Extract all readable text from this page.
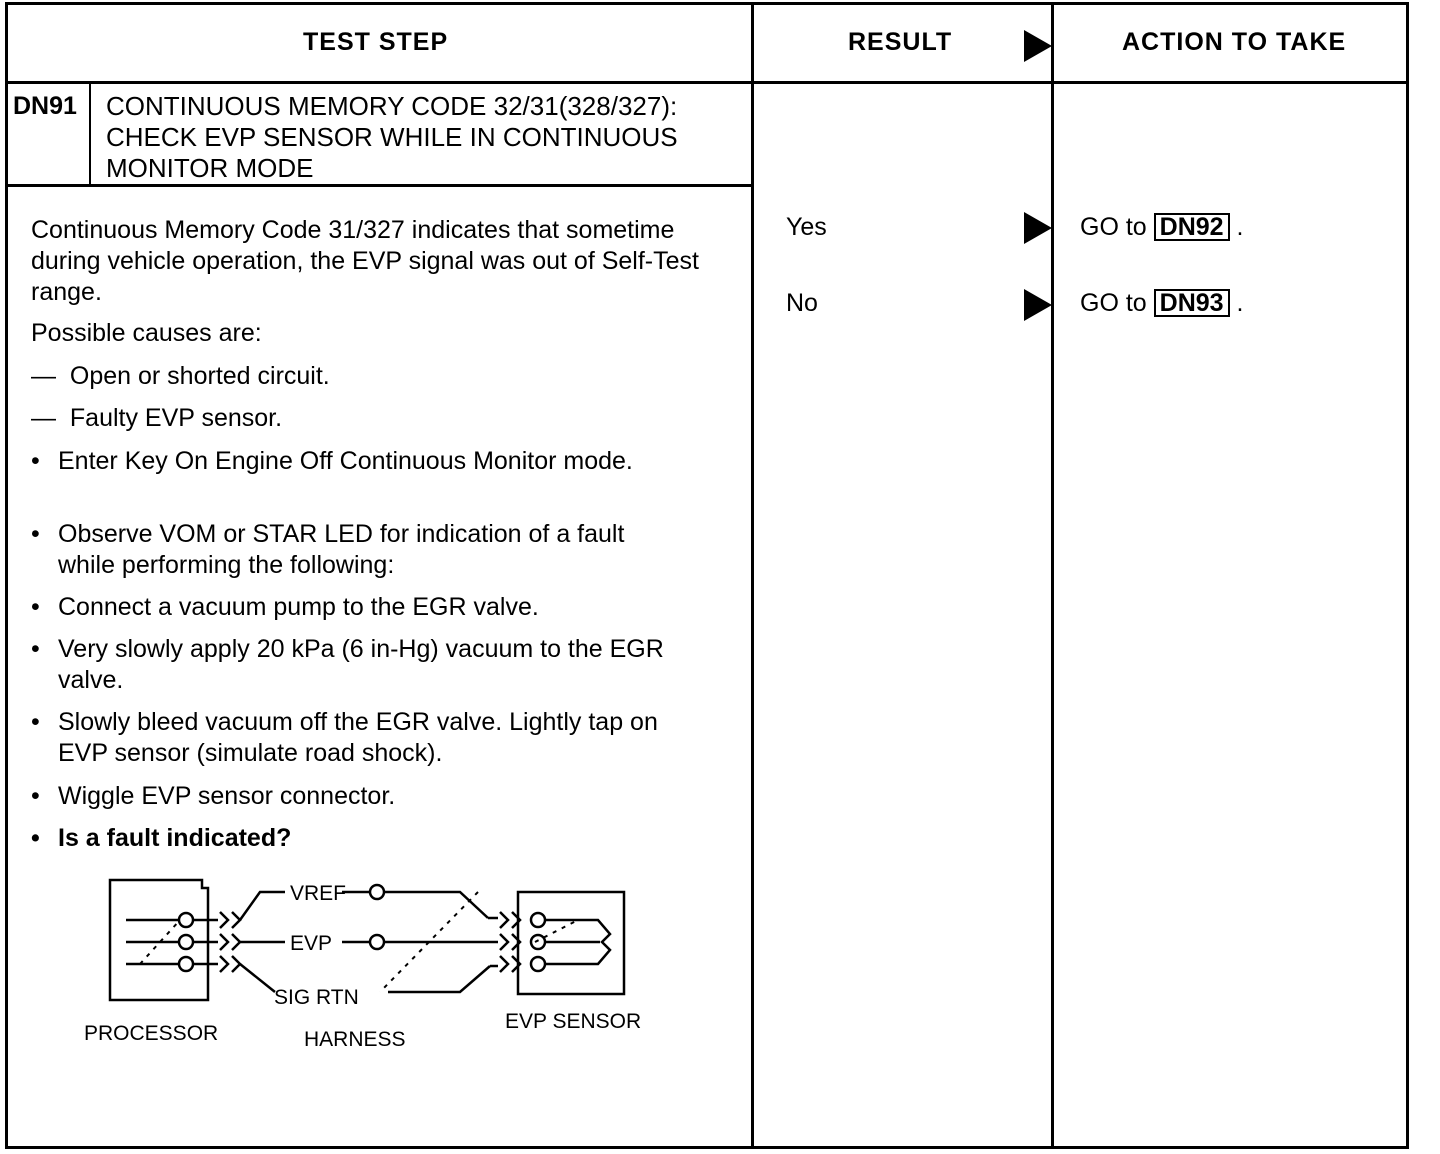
TEST STEP	RESULT	ACTION TO TAKE
DN91 CONTINUOUS MEMORY CODE 32/31(328/327): CHECK EVP SENSOR WHILE IN CONTINUOUS MONITOR MODE
Continuous Memory Code 31/327 indicates that sometime during vehicle operation, the EVP signal was out of Self-Test range.
Possible causes are:
—  Open or shorted circuit.
—  Faulty EVP sensor.
• Enter Key On Engine Off Continuous Monitor mode.
• Observe VOM or STAR LED for indication of a fault while performing the following:
• Connect a vacuum pump to the EGR valve.
• Very slowly apply 20 kPa (6 in-Hg) vacuum to the EGR valve.
• Slowly bleed vacuum off the EGR valve. Lightly tap on EVP sensor (simulate road shock).
• Wiggle EVP sensor connector.
• Is a fault indicated?
VREF
EVP
SIG RTN
PROCESSOR	HARNESS
EVP SENSOR
Yes	GO to DN92 .
No	GO to DN93 .
